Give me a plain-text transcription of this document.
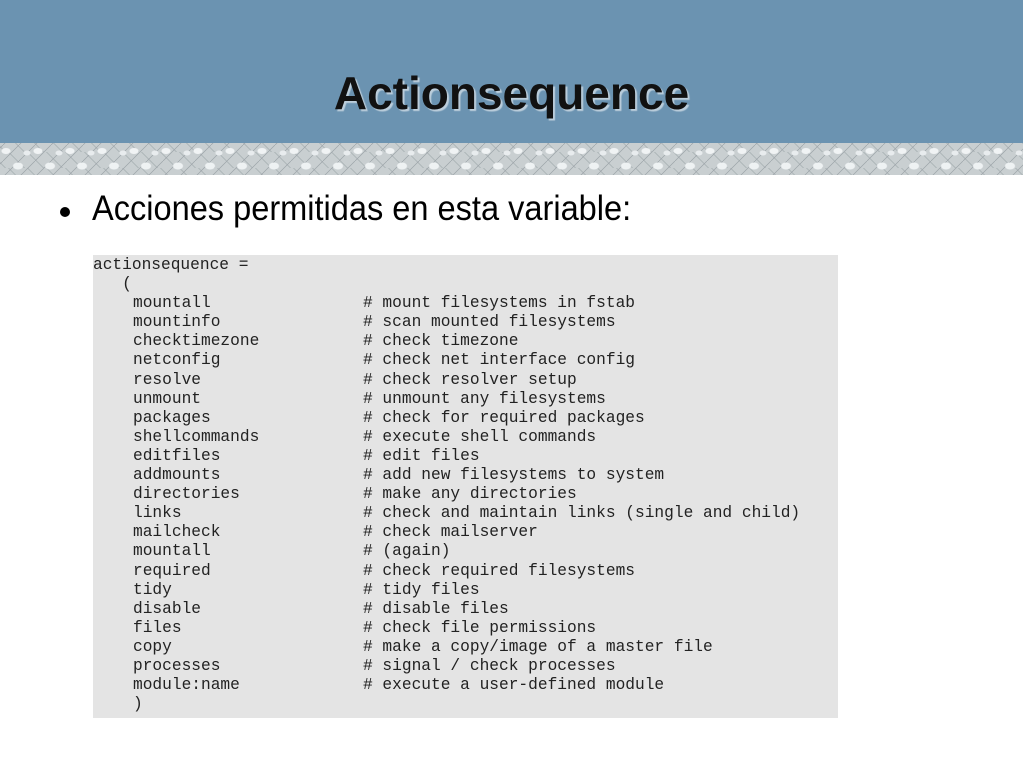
Actionsequence
Acciones permitidas en esta variable:
actionsequence =
(
mountall	# mount filesystems in fstab
mountinfo	# scan mounted filesystems
checktimezone	# check timezone
netconfig	# check net interface config
resolve	# check resolver setup
unmount	# unmount any filesystems
packages	# check for required packages
shellcommands	# execute shell commands
editfiles	# edit files
addmounts	# add new filesystems to system
directories	# make any directories
links	# check and maintain links (single and child)
mailcheck	# check mailserver
mountall	# (again)
required	# check required filesystems
tidy	# tidy files
disable	# disable files
files	# check file permissions
copy	# make a copy/image of a master file
processes	# signal / check processes
module:name	# execute a user-defined module
)
